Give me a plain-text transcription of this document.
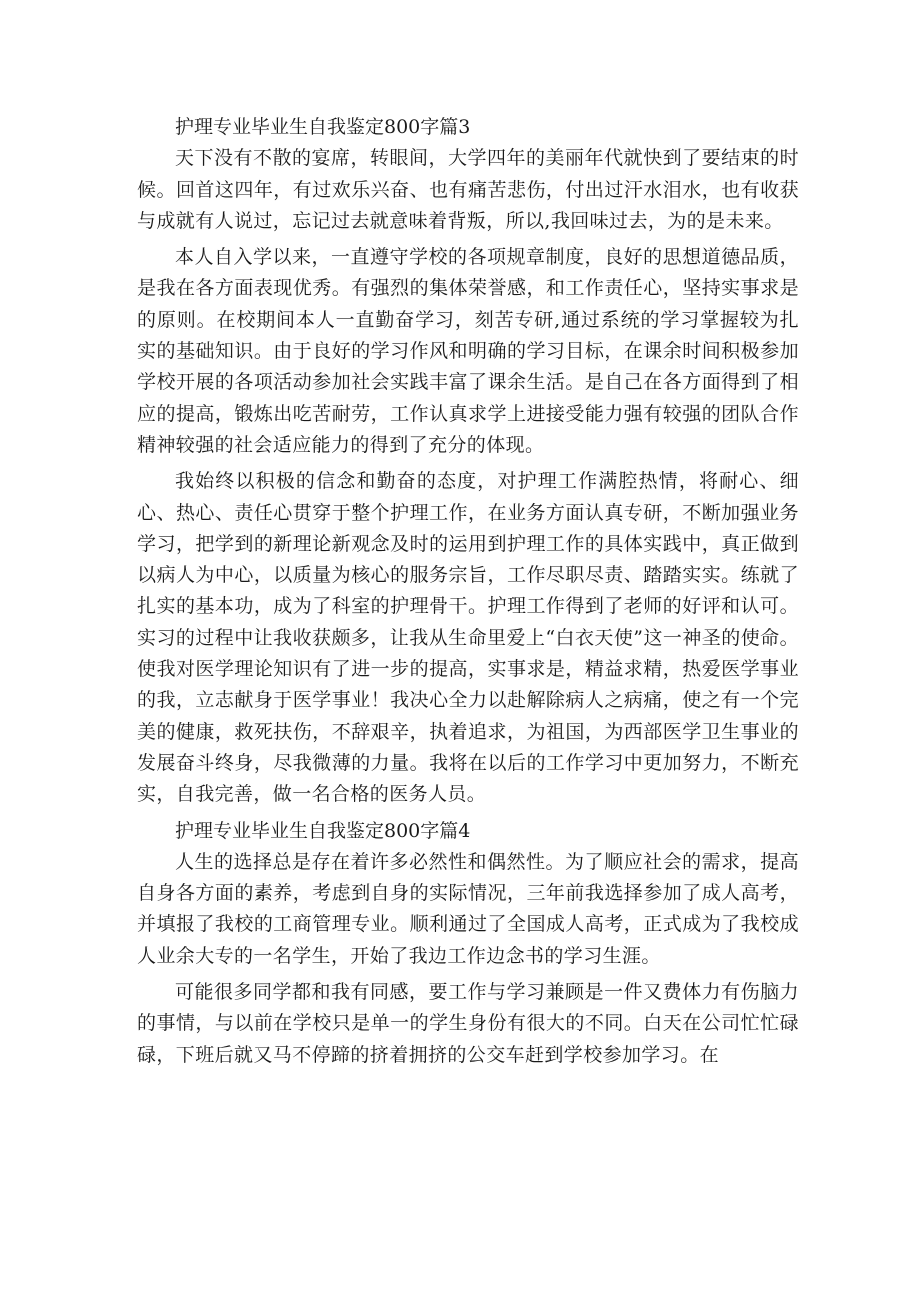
护理专业毕业生自我鉴定800字篇3

天下没有不散的宴席，转眼间，大学四年的美丽年代就快到了要结束的时候。回首这四年，有过欢乐兴奋、也有痛苦悲伤，付出过汗水泪水，也有收获与成就有人说过，忘记过去就意味着背叛，所以,我回味过去，为的是未来。

本人自入学以来，一直遵守学校的各项规章制度，良好的思想道德品质，是我在各方面表现优秀。有强烈的集体荣誉感，和工作责任心，坚持实事求是的原则。在校期间本人一直勤奋学习，刻苦专研,通过系统的学习掌握较为扎实的基础知识。由于良好的学习作风和明确的学习目标，在课余时间积极参加学校开展的各项活动参加社会实践丰富了课余生活。是自己在各方面得到了相应的提高，锻炼出吃苦耐劳，工作认真求学上进接受能力强有较强的团队合作精神较强的社会适应能力的得到了充分的体现。

我始终以积极的信念和勤奋的态度，对护理工作满腔热情，将耐心、细心、热心、责任心贯穿于整个护理工作，在业务方面认真专研，不断加强业务学习，把学到的新理论新观念及时的运用到护理工作的具体实践中，真正做到以病人为中心，以质量为核心的服务宗旨，工作尽职尽责、踏踏实实。练就了扎实的基本功，成为了科室的护理骨干。护理工作得到了老师的好评和认可。实习的过程中让我收获颇多，让我从生命里爱上“白衣天使”这一神圣的使命。使我对医学理论知识有了进一步的提高，实事求是，精益求精，热爱医学事业的我，立志献身于医学事业！我决心全力以赴解除病人之病痛，使之有一个完美的健康，救死扶伤，不辞艰辛，执着追求，为祖国，为西部医学卫生事业的发展奋斗终身，尽我微薄的力量。我将在以后的工作学习中更加努力，不断充实，自我完善，做一名合格的医务人员。

护理专业毕业生自我鉴定800字篇4

人生的选择总是存在着许多必然性和偶然性。为了顺应社会的需求，提高自身各方面的素养，考虑到自身的实际情况，三年前我选择参加了成人高考，并填报了我校的工商管理专业。顺利通过了全国成人高考，正式成为了我校成人业余大专的一名学生，开始了我边工作边念书的学习生涯。

可能很多同学都和我有同感，要工作与学习兼顾是一件又费体力有伤脑力的事情，与以前在学校只是单一的学生身份有很大的不同。白天在公司忙忙碌碌，下班后就又马不停蹄的挤着拥挤的公交车赶到学校参加学习。在
